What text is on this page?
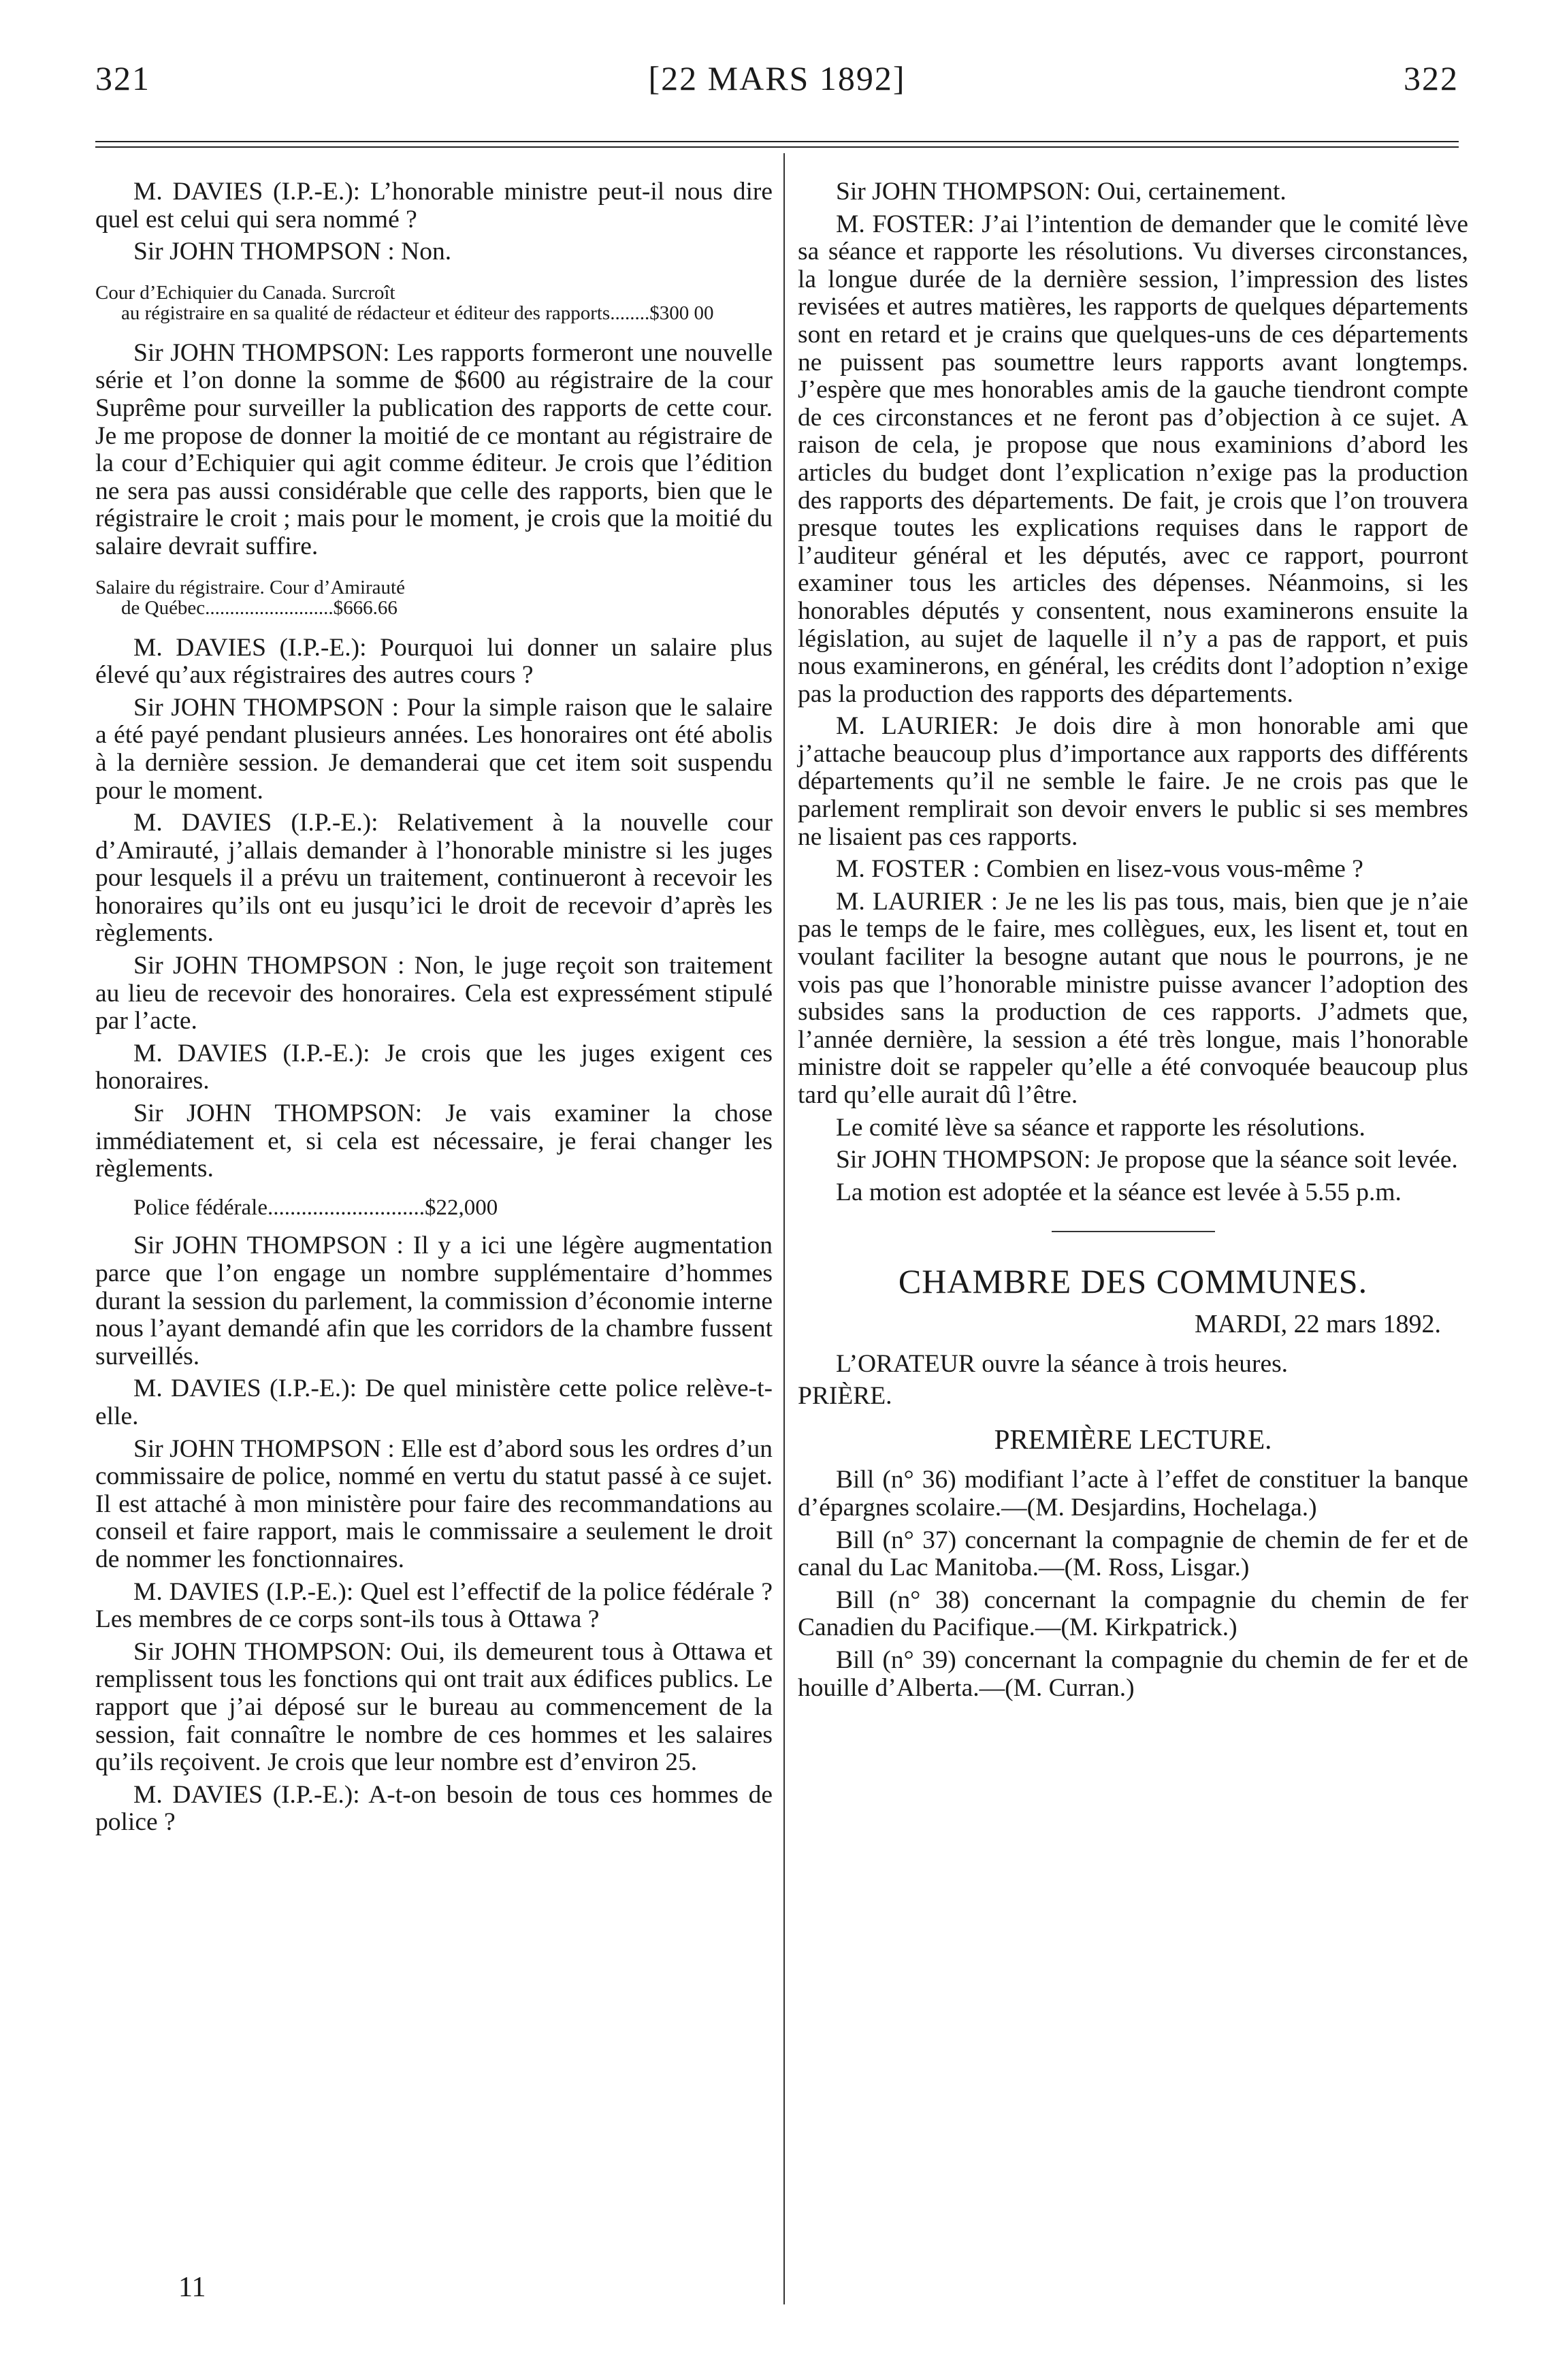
321	[22 MARS 1892]	322

M. DAVIES (I.P.-E.): L’honorable ministre peut-il nous dire quel est celui qui sera nommé ?

Sir JOHN THOMPSON : Non.

Cour d’Echiquier du Canada. Surcroît
au régistraire en sa qualité de rédacteur et éditeur des rapports........$300 00

Sir JOHN THOMPSON: Les rapports formeront une nouvelle série et l’on donne la somme de $600 au régistraire de la cour Suprême pour surveiller la publication des rapports de cette cour. Je me propose de donner la moitié de ce montant au régistraire de la cour d’Echiquier qui agit comme éditeur. Je crois que l’édition ne sera pas aussi considérable que celle des rapports, bien que le régistraire le croit ; mais pour le moment, je crois que la moitié du salaire devrait suffire.

Salaire du régistraire. Cour d’Amirauté
de Québec..........................$666.66

M. DAVIES (I.P.-E.): Pourquoi lui donner un salaire plus élevé qu’aux régistraires des autres cours ?

Sir JOHN THOMPSON : Pour la simple raison que le salaire a été payé pendant plusieurs années. Les honoraires ont été abolis à la dernière session. Je demanderai que cet item soit suspendu pour le moment.

M. DAVIES (I.P.-E.): Relativement à la nouvelle cour d’Amirauté, j’allais demander à l’honorable ministre si les juges pour lesquels il a prévu un traitement, continueront à recevoir les honoraires qu’ils ont eu jusqu’ici le droit de recevoir d’après les règlements.

Sir JOHN THOMPSON : Non, le juge reçoit son traitement au lieu de recevoir des honoraires. Cela est expressément stipulé par l’acte.

M. DAVIES (I.P.-E.): Je crois que les juges exigent ces honoraires.

Sir JOHN THOMPSON: Je vais examiner la chose immédiatement et, si cela est nécessaire, je ferai changer les règlements.

Police fédérale............................$22,000

Sir JOHN THOMPSON : Il y a ici une légère augmentation parce que l’on engage un nombre supplémentaire d’hommes durant la session du parlement, la commission d’économie interne nous l’ayant demandé afin que les corridors de la chambre fussent surveillés.

M. DAVIES (I.P.-E.): De quel ministère cette police relève-t-elle.

Sir JOHN THOMPSON : Elle est d’abord sous les ordres d’un commissaire de police, nommé en vertu du statut passé à ce sujet. Il est attaché à mon ministère pour faire des recommandations au conseil et faire rapport, mais le commissaire a seulement le droit de nommer les fonctionnaires.

M. DAVIES (I.P.-E.): Quel est l’effectif de la police fédérale ? Les membres de ce corps sont-ils tous à Ottawa ?

Sir JOHN THOMPSON: Oui, ils demeurent tous à Ottawa et remplissent tous les fonctions qui ont trait aux édifices publics. Le rapport que j’ai déposé sur le bureau au commencement de la session, fait connaître le nombre de ces hommes et les salaires qu’ils reçoivent. Je crois que leur nombre est d’environ 25.

M. DAVIES (I.P.-E.): A-t-on besoin de tous ces hommes de police ?

Sir JOHN THOMPSON: Oui, certainement.

M. FOSTER: J’ai l’intention de demander que le comité lève sa séance et rapporte les résolutions. Vu diverses circonstances, la longue durée de la dernière session, l’impression des listes revisées et autres matières, les rapports de quelques départements sont en retard et je crains que quelques-uns de ces départements ne puissent pas soumettre leurs rapports avant longtemps. J’espère que mes honorables amis de la gauche tiendront compte de ces circonstances et ne feront pas d’objection à ce sujet. A raison de cela, je propose que nous examinions d’abord les articles du budget dont l’explication n’exige pas la production des rapports des départements. De fait, je crois que l’on trouvera presque toutes les explications requises dans le rapport de l’auditeur général et les députés, avec ce rapport, pourront examiner tous les articles des dépenses. Néanmoins, si les honorables députés y consentent, nous examinerons ensuite la législation, au sujet de laquelle il n’y a pas de rapport, et puis nous examinerons, en général, les crédits dont l’adoption n’exige pas la production des rapports des départements.

M. LAURIER: Je dois dire à mon honorable ami que j’attache beaucoup plus d’importance aux rapports des différents départements qu’il ne semble le faire. Je ne crois pas que le parlement remplirait son devoir envers le public si ses membres ne lisaient pas ces rapports.

M. FOSTER : Combien en lisez-vous vous-même ?

M. LAURIER : Je ne les lis pas tous, mais, bien que je n’aie pas le temps de le faire, mes collègues, eux, les lisent et, tout en voulant faciliter la besogne autant que nous le pourrons, je ne vois pas que l’honorable ministre puisse avancer l’adoption des subsides sans la production de ces rapports. J’admets que, l’année dernière, la session a été très longue, mais l’honorable ministre doit se rappeler qu’elle a été convoquée beaucoup plus tard qu’elle aurait dû l’être.

Le comité lève sa séance et rapporte les résolutions.

Sir JOHN THOMPSON: Je propose que la séance soit levée.

La motion est adoptée et la séance est levée à 5.55 p.m.

CHAMBRE DES COMMUNES.
MARDI, 22 mars 1892.

L’ORATEUR ouvre la séance à trois heures.

PRIÈRE.

PREMIÈRE LECTURE.

Bill (n° 36) modifiant l’acte à l’effet de constituer la banque d’épargnes scolaire.—(M. Desjardins, Hochelaga.)

Bill (n° 37) concernant la compagnie de chemin de fer et de canal du Lac Manitoba.—(M. Ross, Lisgar.)

Bill (n° 38) concernant la compagnie du chemin de fer Canadien du Pacifique.—(M. Kirkpatrick.)

Bill (n° 39) concernant la compagnie du chemin de fer et de houille d’Alberta.—(M. Curran.)

11
